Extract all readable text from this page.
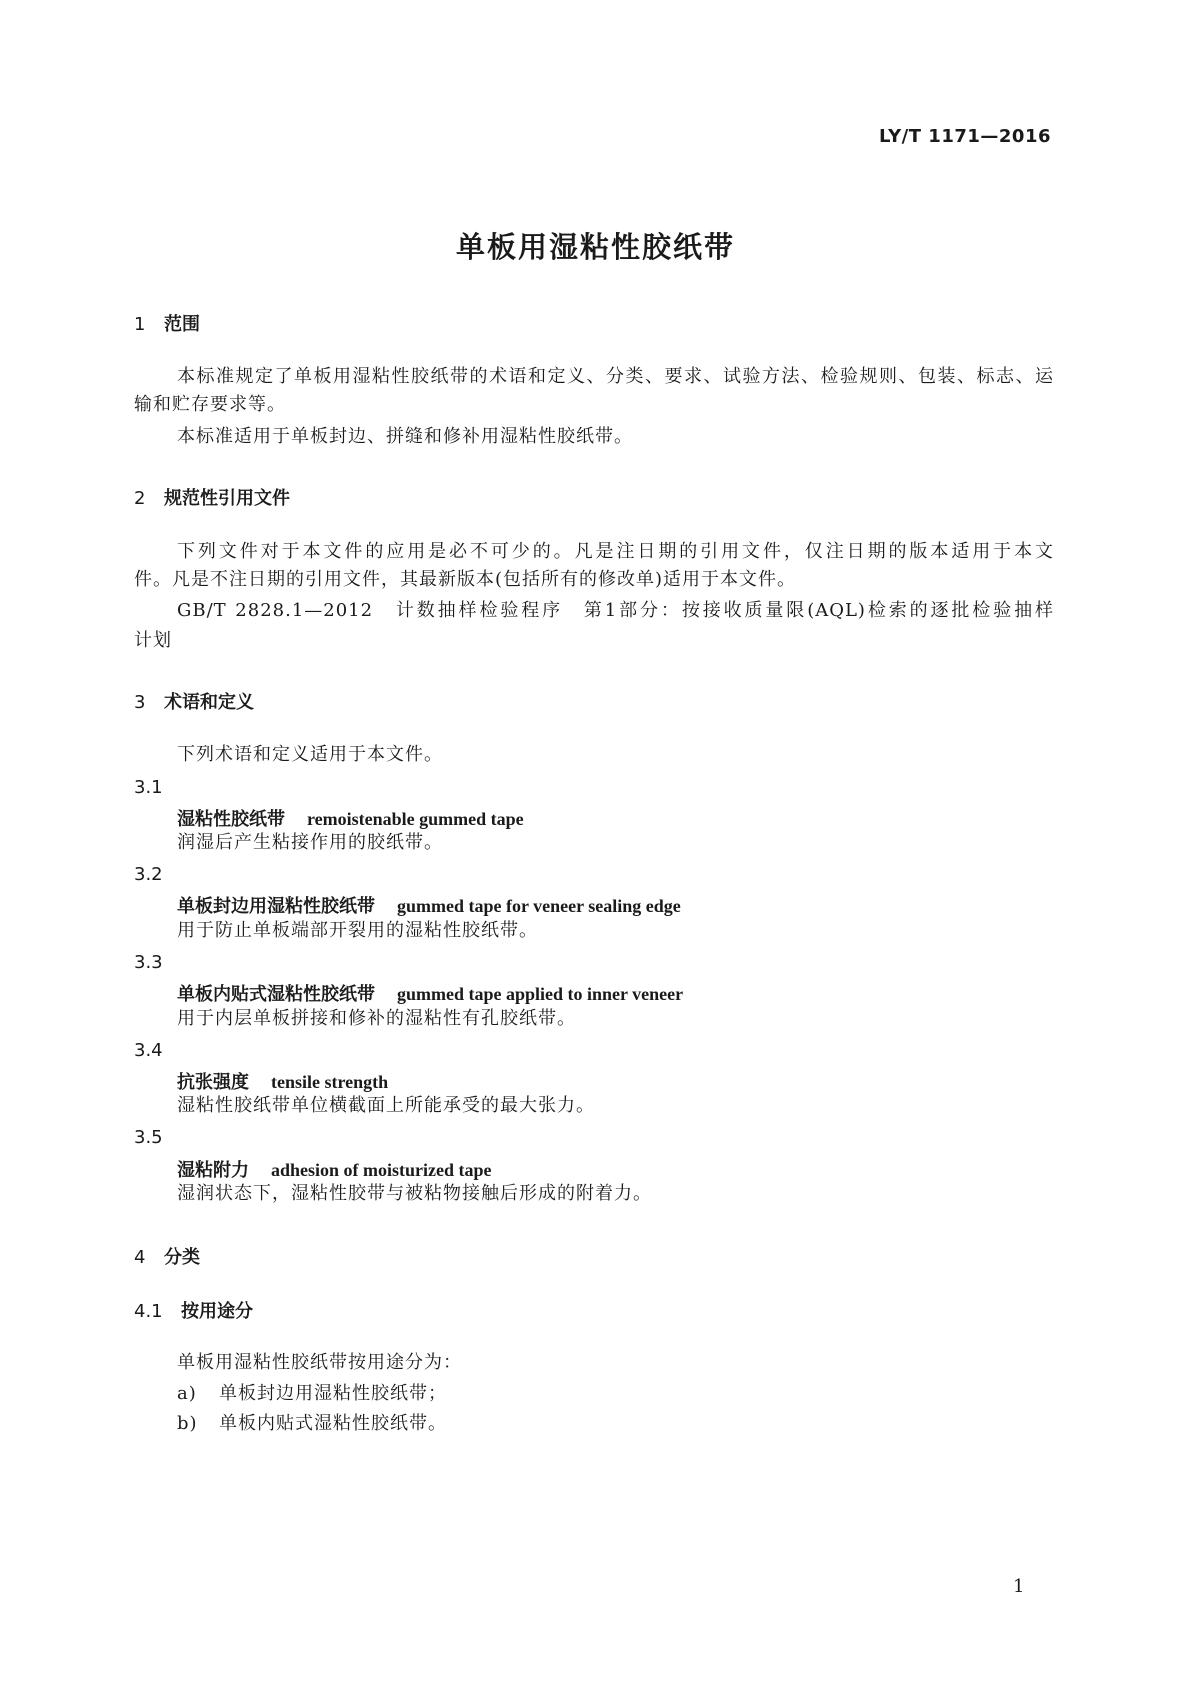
LY/T 1171—2016
单板用湿粘性胶纸带
1 范围
本标准规定了单板用湿粘性胶纸带的术语和定义、分类、要求、试验方法、检验规则、包装、标志、运
输和贮存要求等。
本标准适用于单板封边、拼缝和修补用湿粘性胶纸带。
2 规范性引用文件
下列文件对于本文件的应用是必不可少的。凡是注日期的引用文件，仅注日期的版本适用于本文
件。凡是不注日期的引用文件，其最新版本(包括所有的修改单)适用于本文件。
GB/T 2828.1—2012　计数抽样检验程序　第1部分：按接收质量限(AQL)检索的逐批检验抽样
计划
3 术语和定义
下列术语和定义适用于本文件。
3.1
湿粘性胶纸带 remoistenable gummed tape
润湿后产生粘接作用的胶纸带。
3.2
单板封边用湿粘性胶纸带 gummed tape for veneer sealing edge
用于防止单板端部开裂用的湿粘性胶纸带。
3.3
单板内贴式湿粘性胶纸带 gummed tape applied to inner veneer
用于内层单板拼接和修补的湿粘性有孔胶纸带。
3.4
抗张强度 tensile strength
湿粘性胶纸带单位横截面上所能承受的最大张力。
3.5
湿粘附力 adhesion of moisturized tape
湿润状态下，湿粘性胶带与被粘物接触后形成的附着力。
4 分类
4.1 按用途分
单板用湿粘性胶纸带按用途分为：
a) 单板封边用湿粘性胶纸带；
b) 单板内贴式湿粘性胶纸带。
1
